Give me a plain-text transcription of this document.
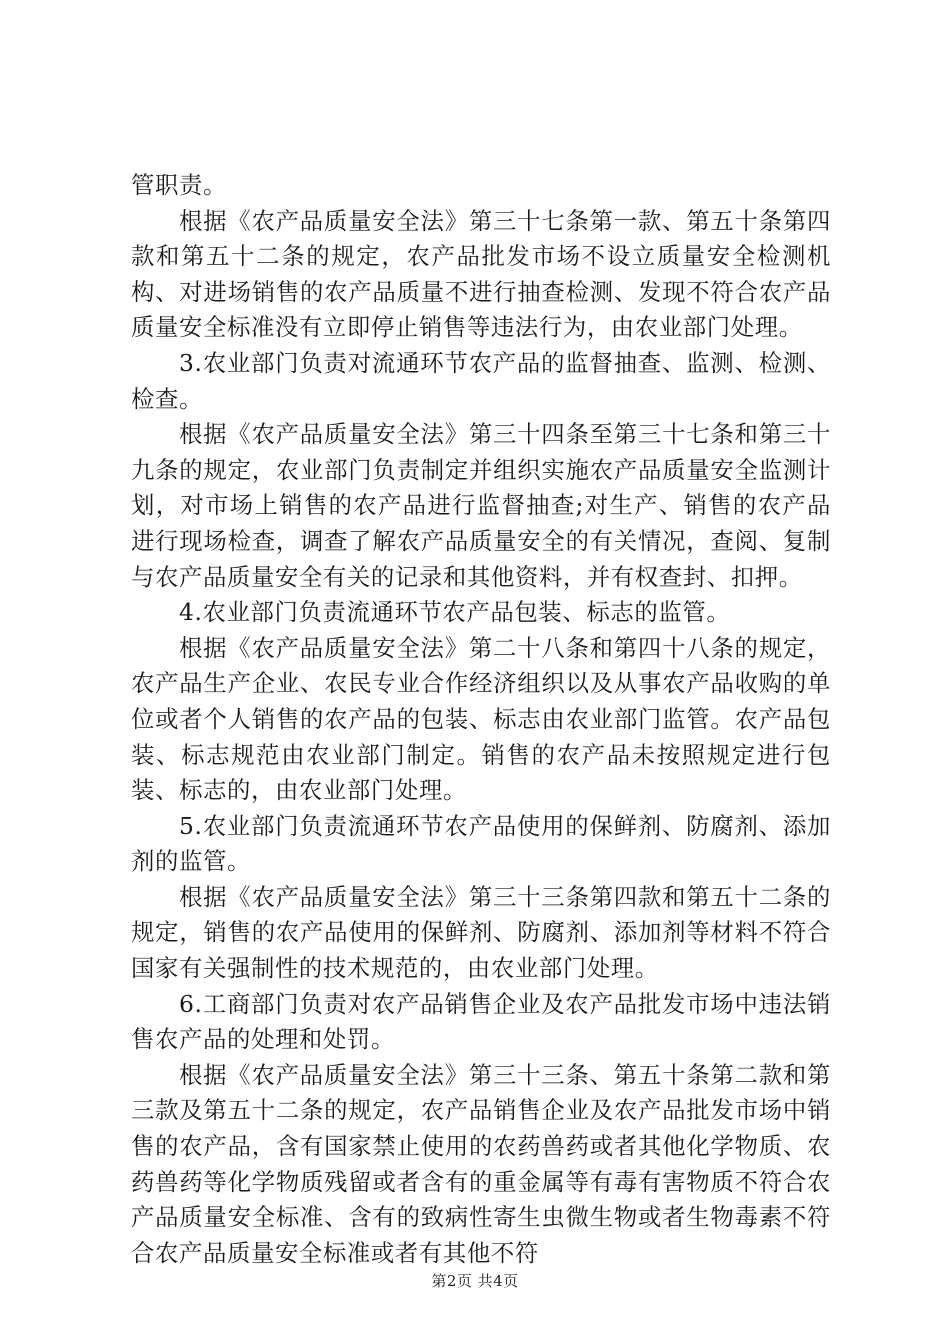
管职责。

根据《农产品质量安全法》第三十七条第一款、第五十条第四款和第五十二条的规定，农产品批发市场不设立质量安全检测机构、对进场销售的农产品质量不进行抽查检测、发现不符合农产品质量安全标准没有立即停止销售等违法行为，由农业部门处理。

3.农业部门负责对流通环节农产品的监督抽查、监测、检测、检查。

根据《农产品质量安全法》第三十四条至第三十七条和第三十九条的规定，农业部门负责制定并组织实施农产品质量安全监测计划，对市场上销售的农产品进行监督抽查;对生产、销售的农产品进行现场检查，调查了解农产品质量安全的有关情况，查阅、复制与农产品质量安全有关的记录和其他资料，并有权查封、扣押。

4.农业部门负责流通环节农产品包装、标志的监管。

根据《农产品质量安全法》第二十八条和第四十八条的规定，农产品生产企业、农民专业合作经济组织以及从事农产品收购的单位或者个人销售的农产品的包装、标志由农业部门监管。农产品包装、标志规范由农业部门制定。销售的农产品未按照规定进行包装、标志的，由农业部门处理。

5.农业部门负责流通环节农产品使用的保鲜剂、防腐剂、添加剂的监管。

根据《农产品质量安全法》第三十三条第四款和第五十二条的规定，销售的农产品使用的保鲜剂、防腐剂、添加剂等材料不符合国家有关强制性的技术规范的，由农业部门处理。

6.工商部门负责对农产品销售企业及农产品批发市场中违法销售农产品的处理和处罚。

根据《农产品质量安全法》第三十三条、第五十条第二款和第三款及第五十二条的规定，农产品销售企业及农产品批发市场中销售的农产品，含有国家禁止使用的农药兽药或者其他化学物质、农药兽药等化学物质残留或者含有的重金属等有毒有害物质不符合农产品质量安全标准、含有的致病性寄生虫微生物或者生物毒素不符合农产品质量安全标准或者有其他不符

第2页 共4页
